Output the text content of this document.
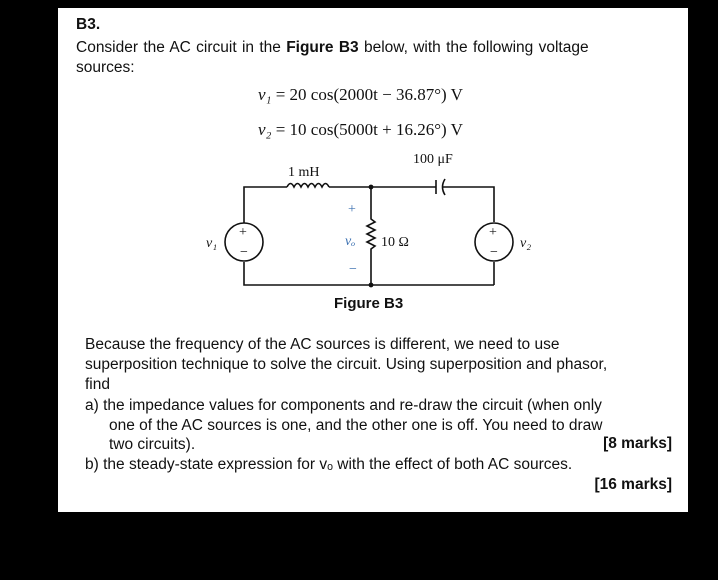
B3.
Consider the AC circuit in the Figure B3 below, with the following voltage
sources:
v₁ = 20 cos(2000t − 36.87°) V
v₂ = 10 cos(5000t + 16.26°) V
1 mH
100 μF
10 Ω
v₁	v₂
+
−
+
−
+
vₒ
−
Figure B3
Because the frequency of the AC sources is different, we need to use
superposition technique to solve the circuit. Using superposition and phasor,
find
a) the impedance values for components and re-draw the circuit (when only
one of the AC sources is one, and the other one is off. You need to draw
two circuits).	[8 marks]
b) the steady-state expression for vₒ with the effect of both AC sources.
[16 marks]
